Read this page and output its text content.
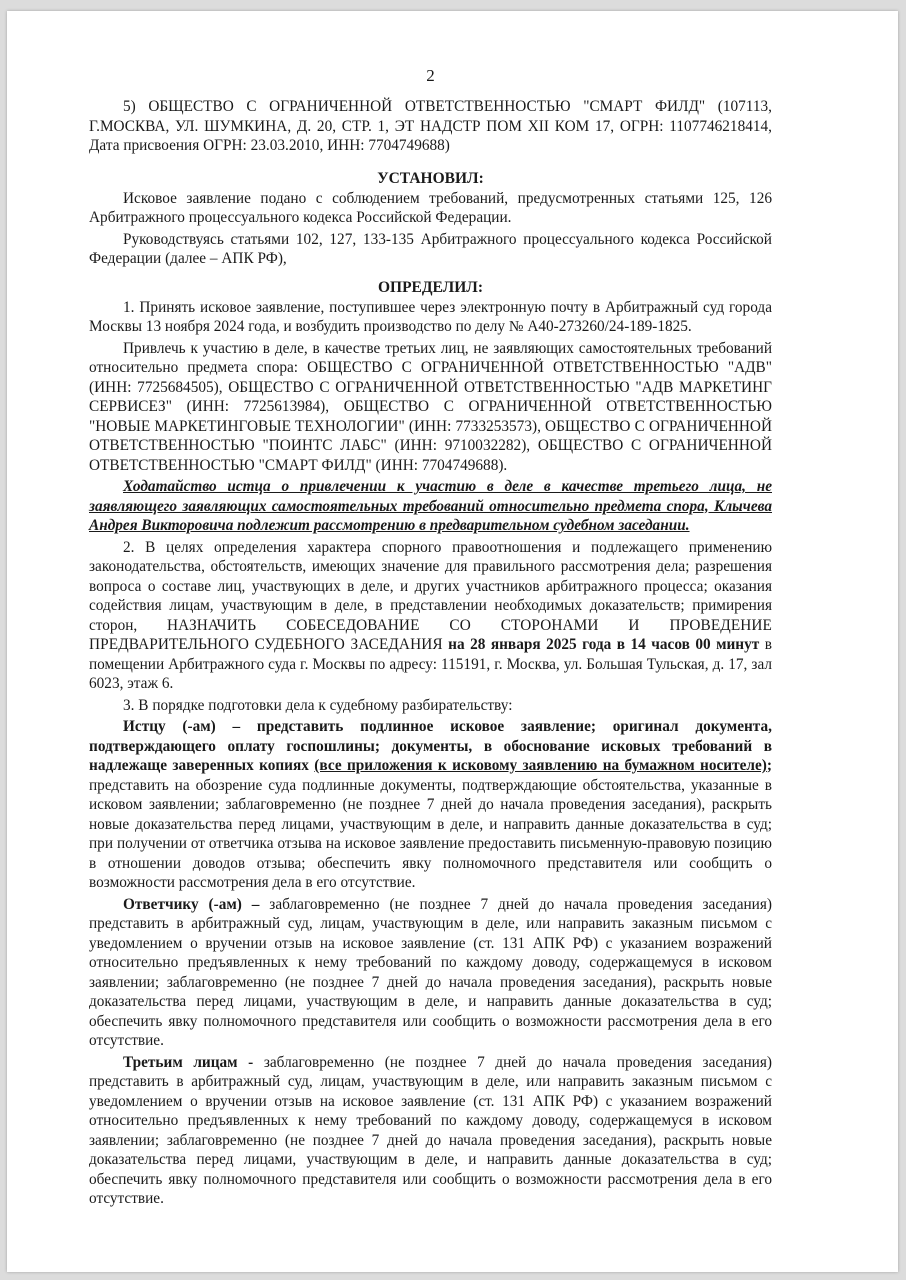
2

5) ОБЩЕСТВО С ОГРАНИЧЕННОЙ ОТВЕТСТВЕННОСТЬЮ "СМАРТ ФИЛД" (107113, Г.МОСКВА, УЛ. ШУМКИНА, Д. 20, СТР. 1, ЭТ НАДСТР ПОМ XII КОМ 17, ОГРН: 1107746218414, Дата присвоения ОГРН: 23.03.2010, ИНН: 7704749688)

УСТАНОВИЛ:

Исковое заявление подано с соблюдением требований, предусмотренных статьями 125, 126 Арбитражного процессуального кодекса Российской Федерации.

Руководствуясь статьями 102, 127, 133-135 Арбитражного процессуального кодекса Российской Федерации (далее – АПК РФ),

ОПРЕДЕЛИЛ:

1. Принять исковое заявление, поступившее через электронную почту в Арбитражный суд города Москвы 13 ноября 2024 года, и возбудить производство по делу № А40-273260/24-189-1825.

Привлечь к участию в деле, в качестве третьих лиц, не заявляющих самостоятельных требований относительно предмета спора: ОБЩЕСТВО С ОГРАНИЧЕННОЙ ОТВЕТСТВЕННОСТЬЮ "АДВ" (ИНН: 7725684505), ОБЩЕСТВО С ОГРАНИЧЕННОЙ ОТВЕТСТВЕННОСТЬЮ "АДВ МАРКЕТИНГ СЕРВИСЕЗ" (ИНН: 7725613984), ОБЩЕСТВО С ОГРАНИЧЕННОЙ ОТВЕТСТВЕННОСТЬЮ "НОВЫЕ МАРКЕТИНГОВЫЕ ТЕХНОЛОГИИ" (ИНН: 7733253573), ОБЩЕСТВО С ОГРАНИЧЕННОЙ ОТВЕТСТВЕННОСТЬЮ "ПОИНТС ЛАБС" (ИНН: 9710032282), ОБЩЕСТВО С ОГРАНИЧЕННОЙ ОТВЕТСТВЕННОСТЬЮ "СМАРТ ФИЛД" (ИНН: 7704749688).

Ходатайство истца о привлечении к участию в деле в качестве третьего лица, не заявляющего заявляющих самостоятельных требований относительно предмета спора, Клычева Андрея Викторовича подлежит рассмотрению в предварительном судебном заседании.

2. В целях определения характера спорного правоотношения и подлежащего применению законодательства, обстоятельств, имеющих значение для правильного рассмотрения дела; разрешения вопроса о составе лиц, участвующих в деле, и других участников арбитражного процесса; оказания содействия лицам, участвующим в деле, в представлении необходимых доказательств; примирения сторон, НАЗНАЧИТЬ СОБЕСЕДОВАНИЕ СО СТОРОНАМИ И ПРОВЕДЕНИЕ ПРЕДВАРИТЕЛЬНОГО СУДЕБНОГО ЗАСЕДАНИЯ на 28 января 2025 года в 14 часов 00 минут в помещении Арбитражного суда г. Москвы по адресу: 115191, г. Москва, ул. Большая Тульская, д. 17, зал 6023, этаж 6.

3. В порядке подготовки дела к судебному разбирательству:

Истцу (-ам) – представить подлинное исковое заявление; оригинал документа, подтверждающего оплату госпошлины; документы, в обоснование исковых требований в надлежаще заверенных копиях (все приложения к исковому заявлению на бумажном носителе); представить на обозрение суда подлинные документы, подтверждающие обстоятельства, указанные в исковом заявлении; заблаговременно (не позднее 7 дней до начала проведения заседания), раскрыть новые доказательства перед лицами, участвующим в деле, и направить данные доказательства в суд; при получении от ответчика отзыва на исковое заявление предоставить письменную-правовую позицию в отношении доводов отзыва; обеспечить явку полномочного представителя или сообщить о возможности рассмотрения дела в его отсутствие.

Ответчику (-ам) – заблаговременно (не позднее 7 дней до начала проведения заседания) представить в арбитражный суд, лицам, участвующим в деле, или направить заказным письмом с уведомлением о вручении отзыв на исковое заявление (ст. 131 АПК РФ) с указанием возражений относительно предъявленных к нему требований по каждому доводу, содержащемуся в исковом заявлении; заблаговременно (не позднее 7 дней до начала проведения заседания), раскрыть новые доказательства перед лицами, участвующим в деле, и направить данные доказательства в суд; обеспечить явку полномочного представителя или сообщить о возможности рассмотрения дела в его отсутствие.

Третьим лицам - заблаговременно (не позднее 7 дней до начала проведения заседания) представить в арбитражный суд, лицам, участвующим в деле, или направить заказным письмом с уведомлением о вручении отзыв на исковое заявление (ст. 131 АПК РФ) с указанием возражений относительно предъявленных к нему требований по каждому доводу, содержащемуся в исковом заявлении; заблаговременно (не позднее 7 дней до начала проведения заседания), раскрыть новые доказательства перед лицами, участвующим в деле, и направить данные доказательства в суд; обеспечить явку полномочного представителя или сообщить о возможности рассмотрения дела в его отсутствие.
